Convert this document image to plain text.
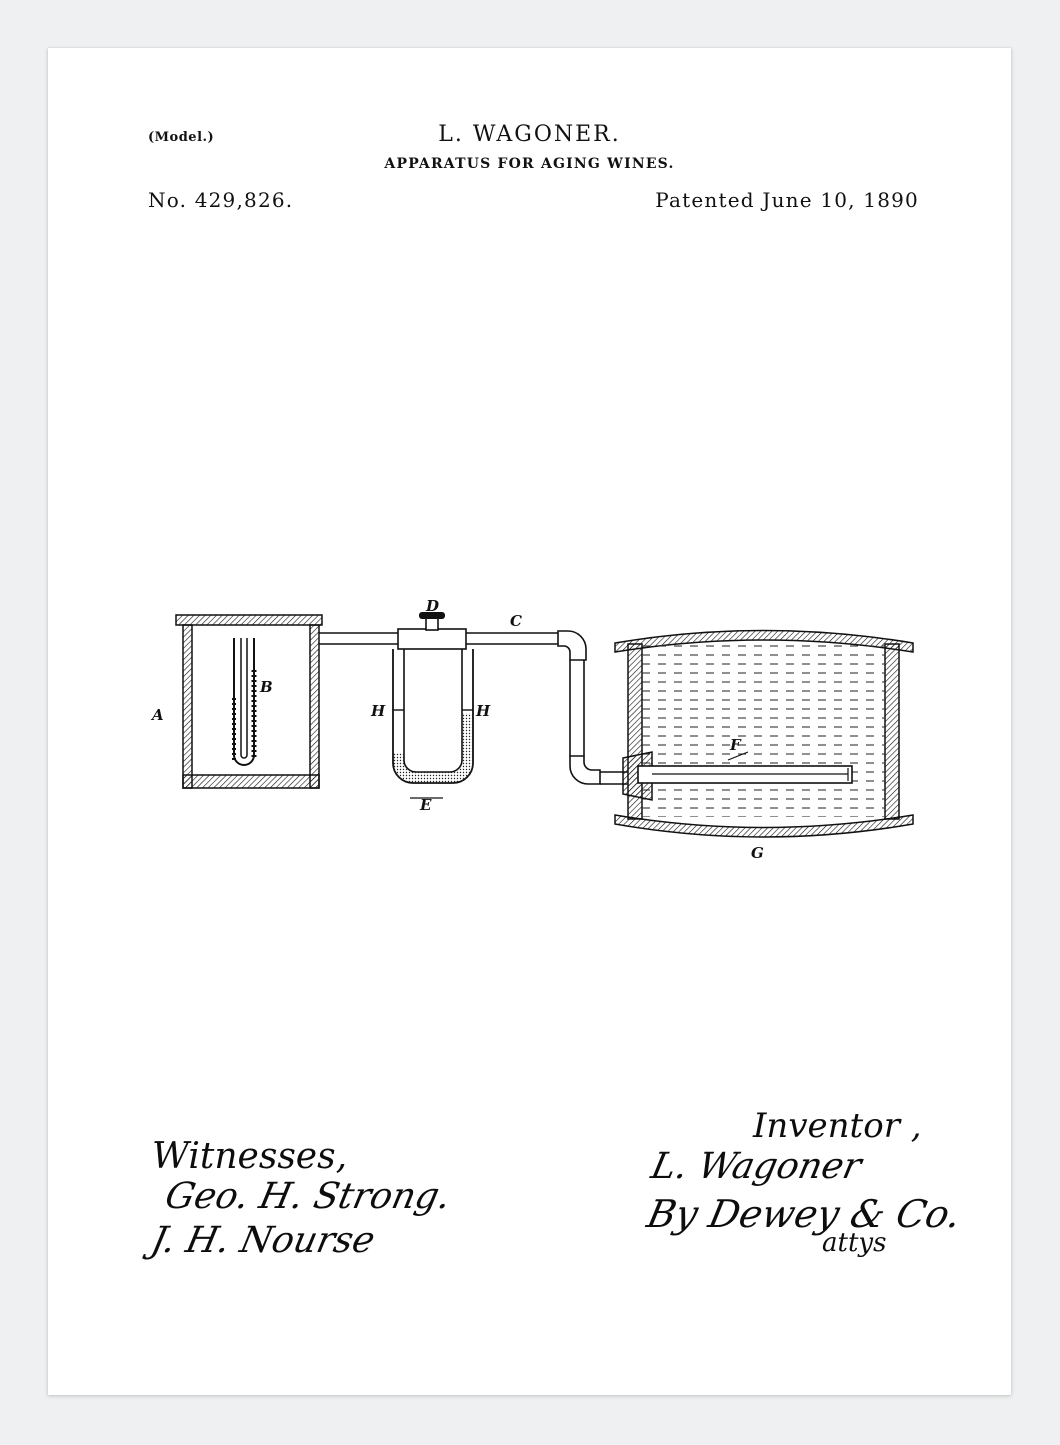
(Model.)	L. WAGONER.
APPARATUS FOR AGING WINES.
No. 429,826.	Patented June 10, 1890
A
B
C
D
E
F
G
H	H
Witnesses,
Geo. H. Strong.
J. H. Nourse
Inventor ,
L. Wagoner
By Dewey & Co.
attys
